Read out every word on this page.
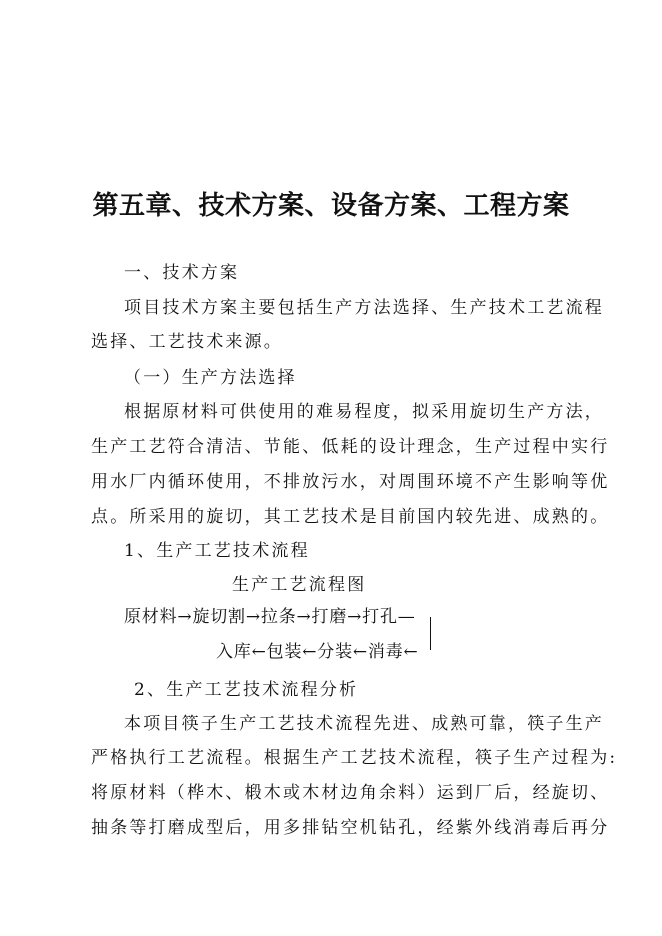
第五章、技术方案、设备方案、工程方案
一、技术方案
项目技术方案主要包括生产方法选择、生产技术工艺流程
选择、工艺技术来源。
（一）生产方法选择
根据原材料可供使用的难易程度，拟采用旋切生产方法，
生产工艺符合清洁、节能、低耗的设计理念，生产过程中实行
用水厂内循环使用，不排放污水，对周围环境不产生影响等优
点。所采用的旋切，其工艺技术是目前国内较先进、成熟的。
1、生产工艺技术流程
生产工艺流程图
原材料→旋切割→拉条→打磨→打孔—
入库←包装←分装←消毒←
2、生产工艺技术流程分析
本项目筷子生产工艺技术流程先进、成熟可靠，筷子生产
严格执行工艺流程。根据生产工艺技术流程，筷子生产过程为:
将原材料（桦木、椴木或木材边角余料）运到厂后，经旋切、
抽条等打磨成型后，用多排钻空机钻孔，经紫外线消毒后再分
